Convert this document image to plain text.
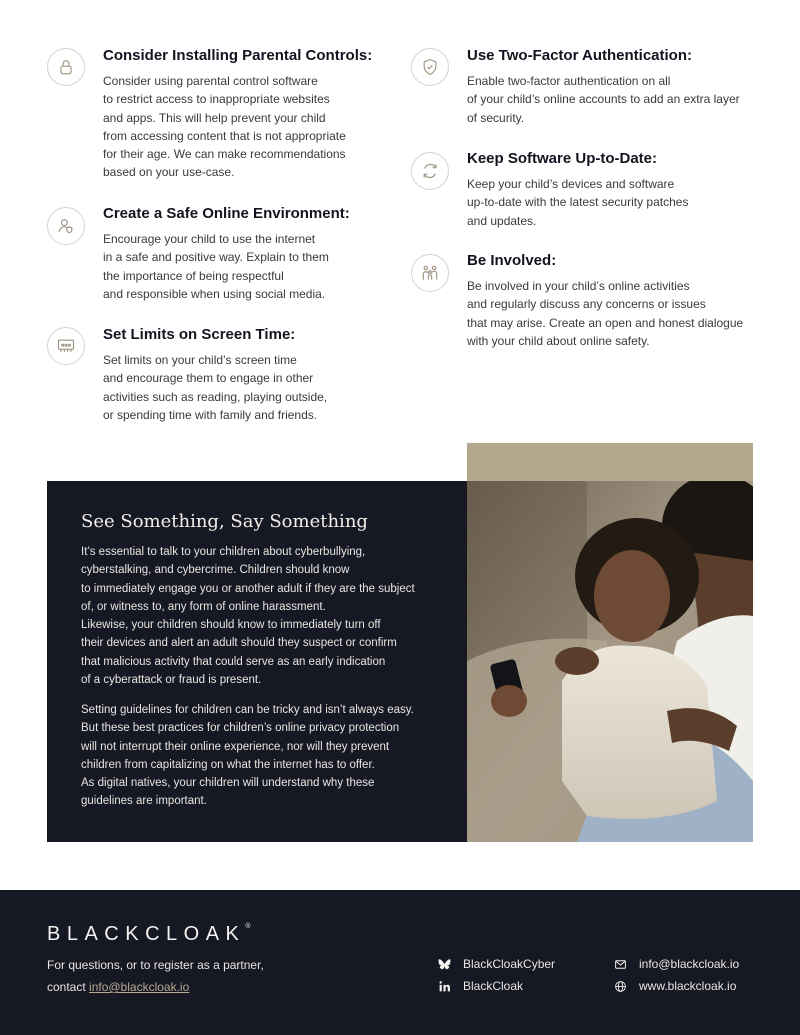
Consider Installing Parental Controls:
Consider using parental control software
to restrict access to inappropriate websites
and apps. This will help prevent your child
from accessing content that is not appropriate
for their age. We can make recommendations
based on your use-case.
Create a Safe Online Environment:
Encourage your child to use the internet
in a safe and positive way. Explain to them
the importance of being respectful
and responsible when using social media.
Set Limits on Screen Time:
Set limits on your child’s screen time
and encourage them to engage in other
activities such as reading, playing outside,
or spending time with family and friends.
Use Two-Factor Authentication:
Enable two-factor authentication on all
of your child’s online accounts to add an extra layer
of security.
Keep Software Up-to-Date:
Keep your child’s devices and software
up-to-date with the latest security patches
and updates.
Be Involved:
Be involved in your child’s online activities
and regularly discuss any concerns or issues
that may arise. Create an open and honest dialogue
with your child about online safety.
See Something, Say Something
It’s essential to talk to your children about cyberbullying,
cyberstalking, and cybercrime. Children should know
to immediately engage you or another adult if they are the subject
of, or witness to, any form of online harassment.
Likewise, your children should know to immediately turn off
their devices and alert an adult should they suspect or confirm
that malicious activity that could serve as an early indication
of a cyberattack or fraud is present.
Setting guidelines for children can be tricky and isn’t always easy.
But these best practices for children’s online privacy protection
will not interrupt their online experience, nor will they prevent
children from capitalizing on what the internet has to offer.
As digital natives, your children will understand why these
guidelines are important.
BLACKCLOAK®
For questions, or to register as a partner,
contact info@blackcloak.io
BlackCloakCyber
BlackCloak
info@blackcloak.io
www.blackcloak.io
